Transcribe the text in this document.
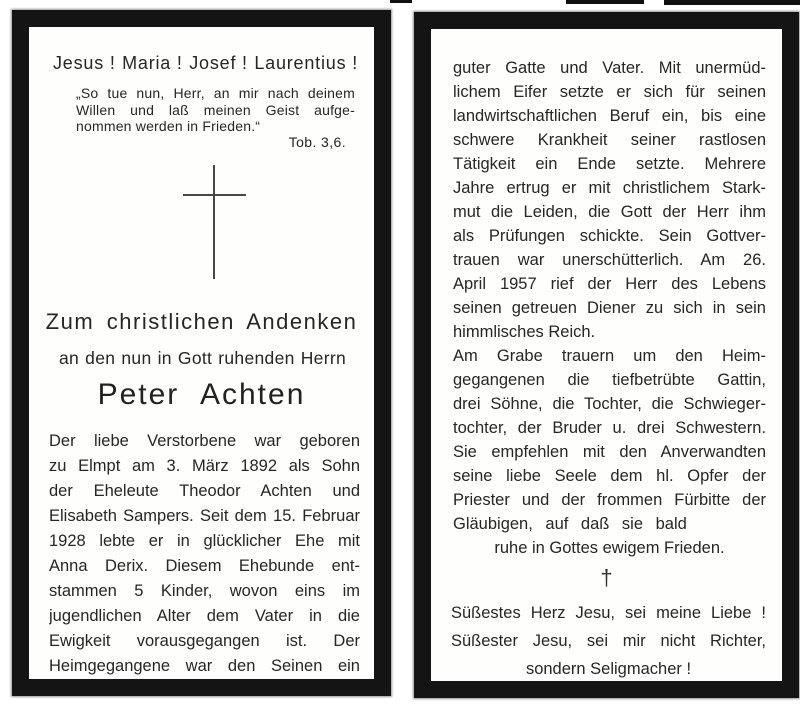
Jesus ! Maria ! Josef ! Laurentius !
„So tue nun, Herr, an mir nach deinem
Willen und laß meinen Geist aufge-
nommen werden in Frieden.“
Tob. 3,6.
Zum christlichen Andenken
an den nun in Gott ruhenden Herrn
Peter Achten
Der liebe Verstorbene war geboren
zu Elmpt am 3. März 1892 als Sohn
der Eheleute Theodor Achten und
Elisabeth Sampers. Seit dem 15. Februar
1928 lebte er in glücklicher Ehe mit
Anna Derix. Diesem Ehebunde ent-
stammen 5 Kinder, wovon eins im
jugendlichen Alter dem Vater in die
Ewigkeit vorausgegangen ist. Der
Heimgegangene war den Seinen ein
guter Gatte und Vater. Mit unermüd-
lichem Eifer setzte er sich für seinen
landwirtschaftlichen Beruf ein, bis eine
schwere Krankheit seiner rastlosen
Tätigkeit ein Ende setzte. Mehrere
Jahre ertrug er mit christlichem Stark-
mut die Leiden, die Gott der Herr ihm
als Prüfungen schickte. Sein Gottver-
trauen war unerschütterlich. Am 26.
April 1957 rief der Herr des Lebens
seinen getreuen Diener zu sich in sein
himmlisches Reich.
Am Grabe trauern um den Heim-
gegangenen die tiefbetrübte Gattin,
drei Söhne, die Tochter, die Schwieger-
tochter, der Bruder u. drei Schwestern.
Sie empfehlen mit den Anverwandten
seine liebe Seele dem hl. Opfer der
Priester und der frommen Fürbitte der
Gläubigen, auf daß sie bald
ruhe in Gottes ewigem Frieden.
†
Süßestes Herz Jesu, sei meine Liebe !
Süßester Jesu, sei mir nicht Richter,
sondern Seligmacher !
